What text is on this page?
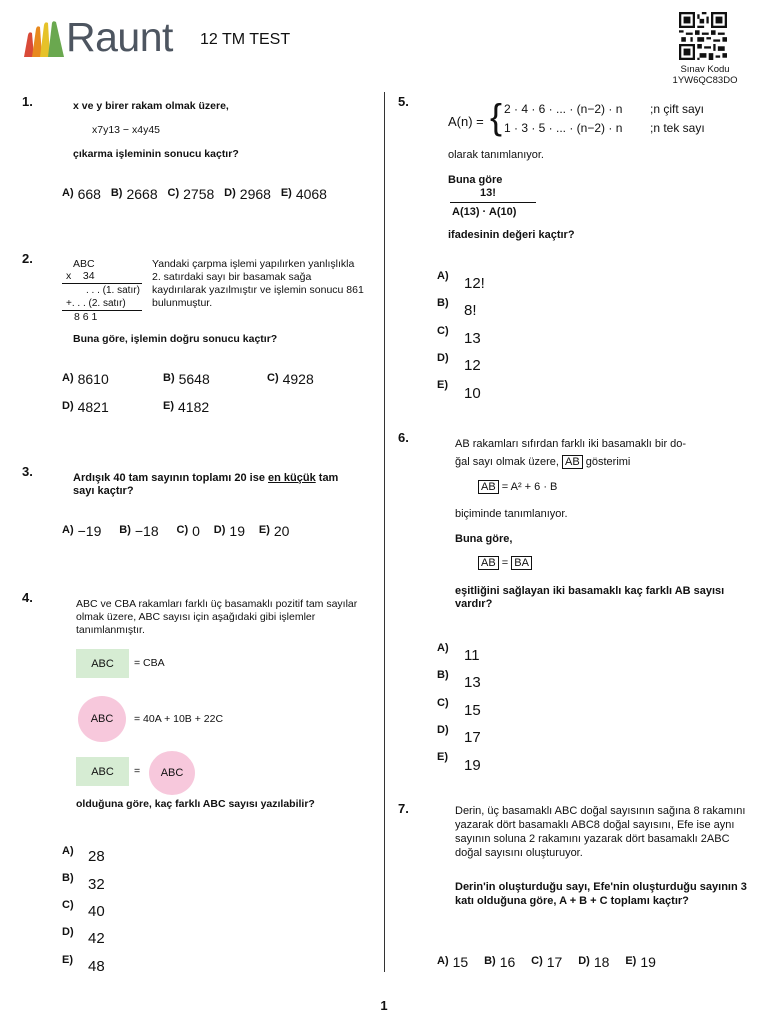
Raunt 12 TM TEST
Sınav Kodu
1YW6QC83DO
1.	x ve y birer rakam olmak üzere,
x7y13 − x4y45
çıkarma işleminin sonucu kaçtır?
$^{A)}$ 668 $^{B)}$ 2668 $^{C)}$ 2758 $^{D)}$ 2968 $^{E)}$ 4068
2.	ABC
x    34
. . . (1. satır)
+. . . (2. satır)
8 6 1
Yandaki çarpma işlemi yapılırken yanlışlıkla 2. satırdaki sayı bir basamak sağa kaydırılarak yazılmıştır ve işlemin sonucu 861 bulunmuştur.
Buna göre, işlemin doğru sonucu kaçtır?
$^{A)}$ 8610	$^{B)}$ 5648	$^{C)}$ 4928
$^{D)}$ 4821	$^{E)}$ 4182
3.	Ardışık 40 tam sayının toplamı 20 ise en küçük tam
sayı kaçtır?
$^{A)}$ −19 $^{B)}$ −18 $^{C)}$ 0 $^{D)}$ 19 $^{E)}$ 20
4.	ABC ve CBA rakamları farklı üç basamaklı pozitif tam sayılar olmak üzere, ABC sayısı için aşağıdaki gibi işlemler tanımlanmıştır.
ABC	= CBA
ABC	= 40A + 10B + 22C
ABC	=	ABC
olduğuna göre, kaç farklı ABC sayısı yazılabilir?
A) 28
B) 32
C) 40
D) 42
E) 48
5.
A(n) = { 2 · 4 · 6 · ... · (n−2) · n ;n çift sayı
1 · 3 · 5 · ... · (n−2) · n ;n tek sayı
olarak tanımlanıyor.
Buna göre
13!
A(13) · A(10)
ifadesinin değeri kaçtır?
A) 12!
B) 8!
C) 13
D) 12
E) 10
6.	AB rakamları sıfırdan farklı iki basamaklı bir do-
ğal sayı olmak üzere, AB gösterimi
AB = A² + 6 · B
biçiminde tanımlanıyor.
Buna göre,
AB = BA
eşitliğini sağlayan iki basamaklı kaç farklı AB sayısı vardır?
A) 11
B) 13
C) 15
D) 17
E) 19
7.	Derin, üç basamaklı ABC doğal sayısının sağına 8 rakamını yazarak dört basamaklı ABC8 doğal sayısını, Efe ise aynı sayının soluna 2 rakamını yazarak dört basamaklı 2ABC doğal sayısını oluşturuyor.
Derin'in oluşturduğu sayı, Efe'nin oluşturduğu sayının 3 katı olduğuna göre, A + B + C toplamı kaçtır?
$^{A)}$ 15 $^{B)}$ 16 $^{C)}$ 17 $^{D)}$ 18 $^{E)}$ 19
1
